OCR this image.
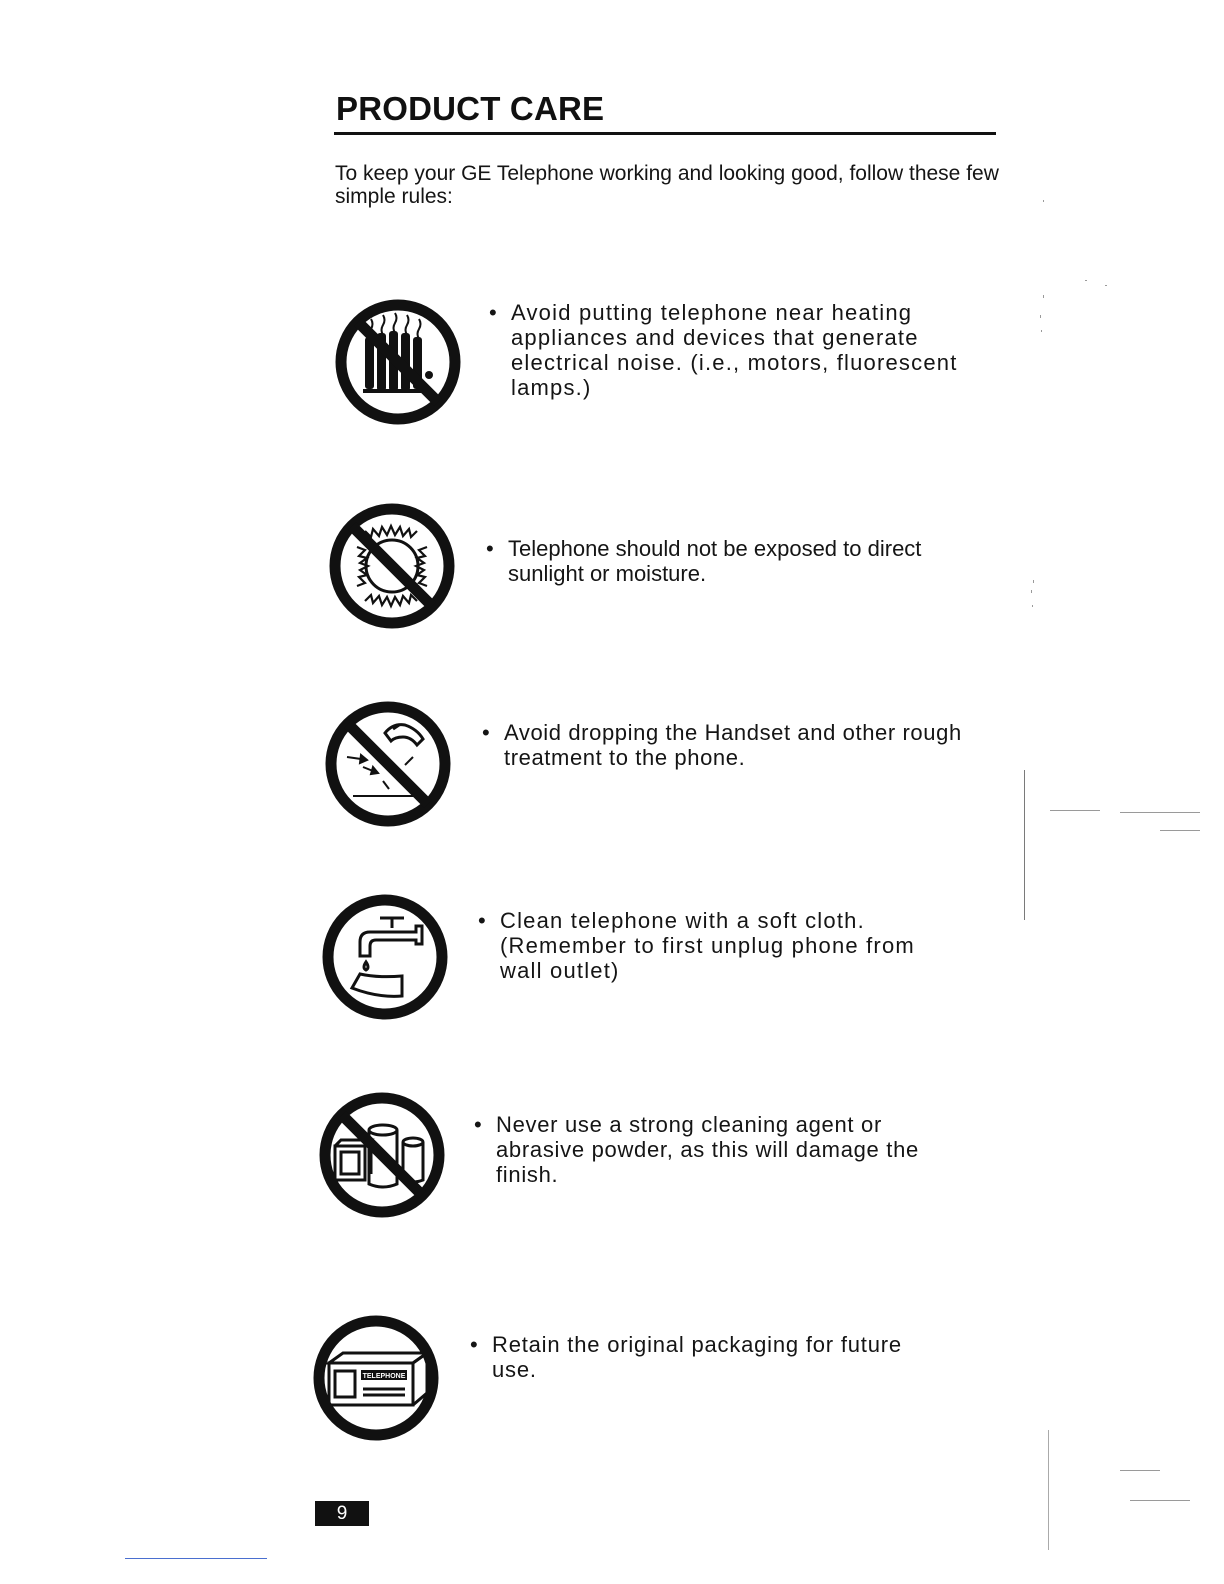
PRODUCT CARE

To keep your GE Telephone working and looking good, follow these few simple rules:

• Avoid putting telephone near heating appliances and devices that generate electrical noise. (i.e., motors, fluorescent lamps.)

• Telephone should not be exposed to direct sunlight or moisture.

• Avoid dropping the Handset and other rough treatment to the phone.

• Clean telephone with a soft cloth. (Remember to first unplug phone from wall outlet)

• Never use a strong cleaning agent or abrasive powder, as this will damage the finish.

TELEPHONE

• Retain the original packaging for future use.

9
